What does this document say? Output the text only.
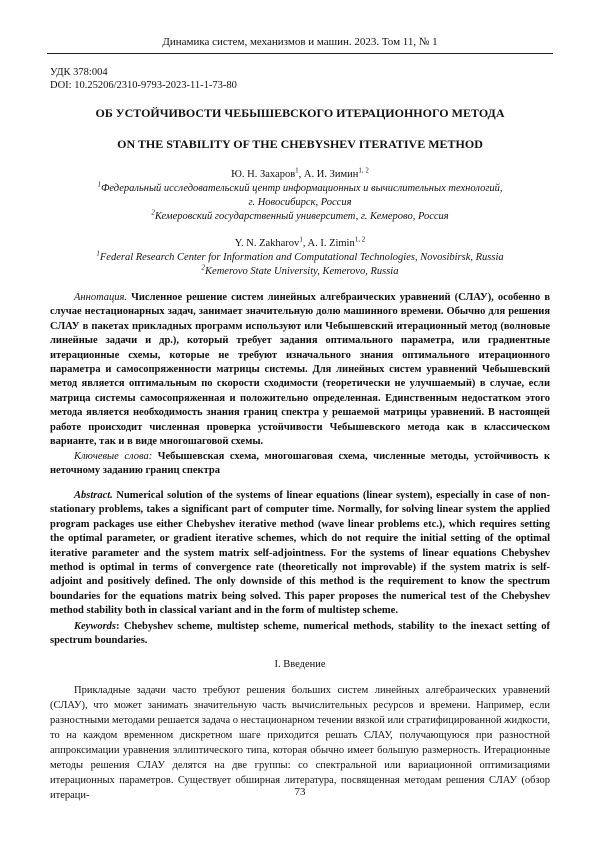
Динамика систем, механизмов и машин. 2023. Том 11, № 1
УДК 378:004
DOI: 10.25206/2310-9793-2023-11-1-73-80
ОБ УСТОЙЧИВОСТИ ЧЕБЫШЕВСКОГО ИТЕРАЦИОННОГО МЕТОДА
ON THE STABILITY OF THE CHEBYSHEV ITERATIVE METHOD
Ю. Н. Захаров$^1$, А. И. Зимин$^{1, 2}$
$^1$Федеральный исследовательский центр информационных и вычислительных технологий,
г. Новосибирск, Россия
$^2$Кемеровский государственный университет, г. Кемерово, Россия
Y. N. Zakharov$^1$, A. I. Zimin$^{1, 2}$
$^1$Federal Research Center for Information and Computational Technologies, Novosibirsk, Russia
$^2$Kemerovo State University, Kemerovo, Russia
Аннотация. Численное решение систем линейных алгебраических уравнений (СЛАУ), особенно в случае нестационарных задач, занимает значительную долю машинного времени. Обычно для решения СЛАУ в пакетах прикладных программ используют или Чебышевский итерационный метод (волновые линейные задачи и др.), который требует задания оптимального параметра, или градиентные итерационные схемы, которые не требуют изначального знания оптимального итерационного параметра и самосопряженности матрицы системы. Для линейных систем уравнений Чебышевский метод является оптимальным по скорости сходимости (теоретически не улучшаемый) в случае, если матрица системы самосопряженная и положительно определенная. Единственным недостатком этого метода является необходимость знания границ спектра у решаемой матрицы уравнений. В настоящей работе происходит численная проверка устойчивости Чебышевского метода как в классическом варианте, так и в виде многошаговой схемы.
Ключевые слова: Чебышевская схема, многошаговая схема, численные методы, устойчивость к неточному заданию границ спектра
Abstract. Numerical solution of the systems of linear equations (linear system), especially in case of non-stationary problems, takes a significant part of computer time. Normally, for solving linear system the applied program packages use either Chebyshev iterative method (wave linear problems etc.), which requires setting the optimal parameter, or gradient iterative schemes, which do not require the initial setting of the optimal iterative parameter and the system matrix self-adjointness. For the systems of linear equations Chebyshev method is optimal in terms of convergence rate (theoretically not improvable) if the system matrix is self-adjoint and positively defined. The only downside of this method is the requirement to know the spectrum boundaries for the equations matrix being solved. This paper proposes the numerical test of the Chebyshev method stability both in classical variant and in the form of multistep scheme.
Keywords: Chebyshev scheme, multistep scheme, numerical methods, stability to the inexact setting of spectrum boundaries.
I. Введение
Прикладные задачи часто требуют решения больших систем линейных алгебраических уравнений (СЛАУ), что может занимать значительную часть вычислительных ресурсов и времени. Например, если разностными методами решается задача о нестационарном течении вязкой или стратифицированной жидкости, то на каждом временном дискретном шаге приходится решать СЛАУ, получающуюся при разностной аппроксимации уравнения эллиптического типа, которая обычно имеет большую размерность. Итерационные методы решения СЛАУ делятся на две группы: со спектральной или вариационной оптимизациями итерационных параметров. Существует обширная литература, посвященная методам решения СЛАУ (обзор итераци-	73
